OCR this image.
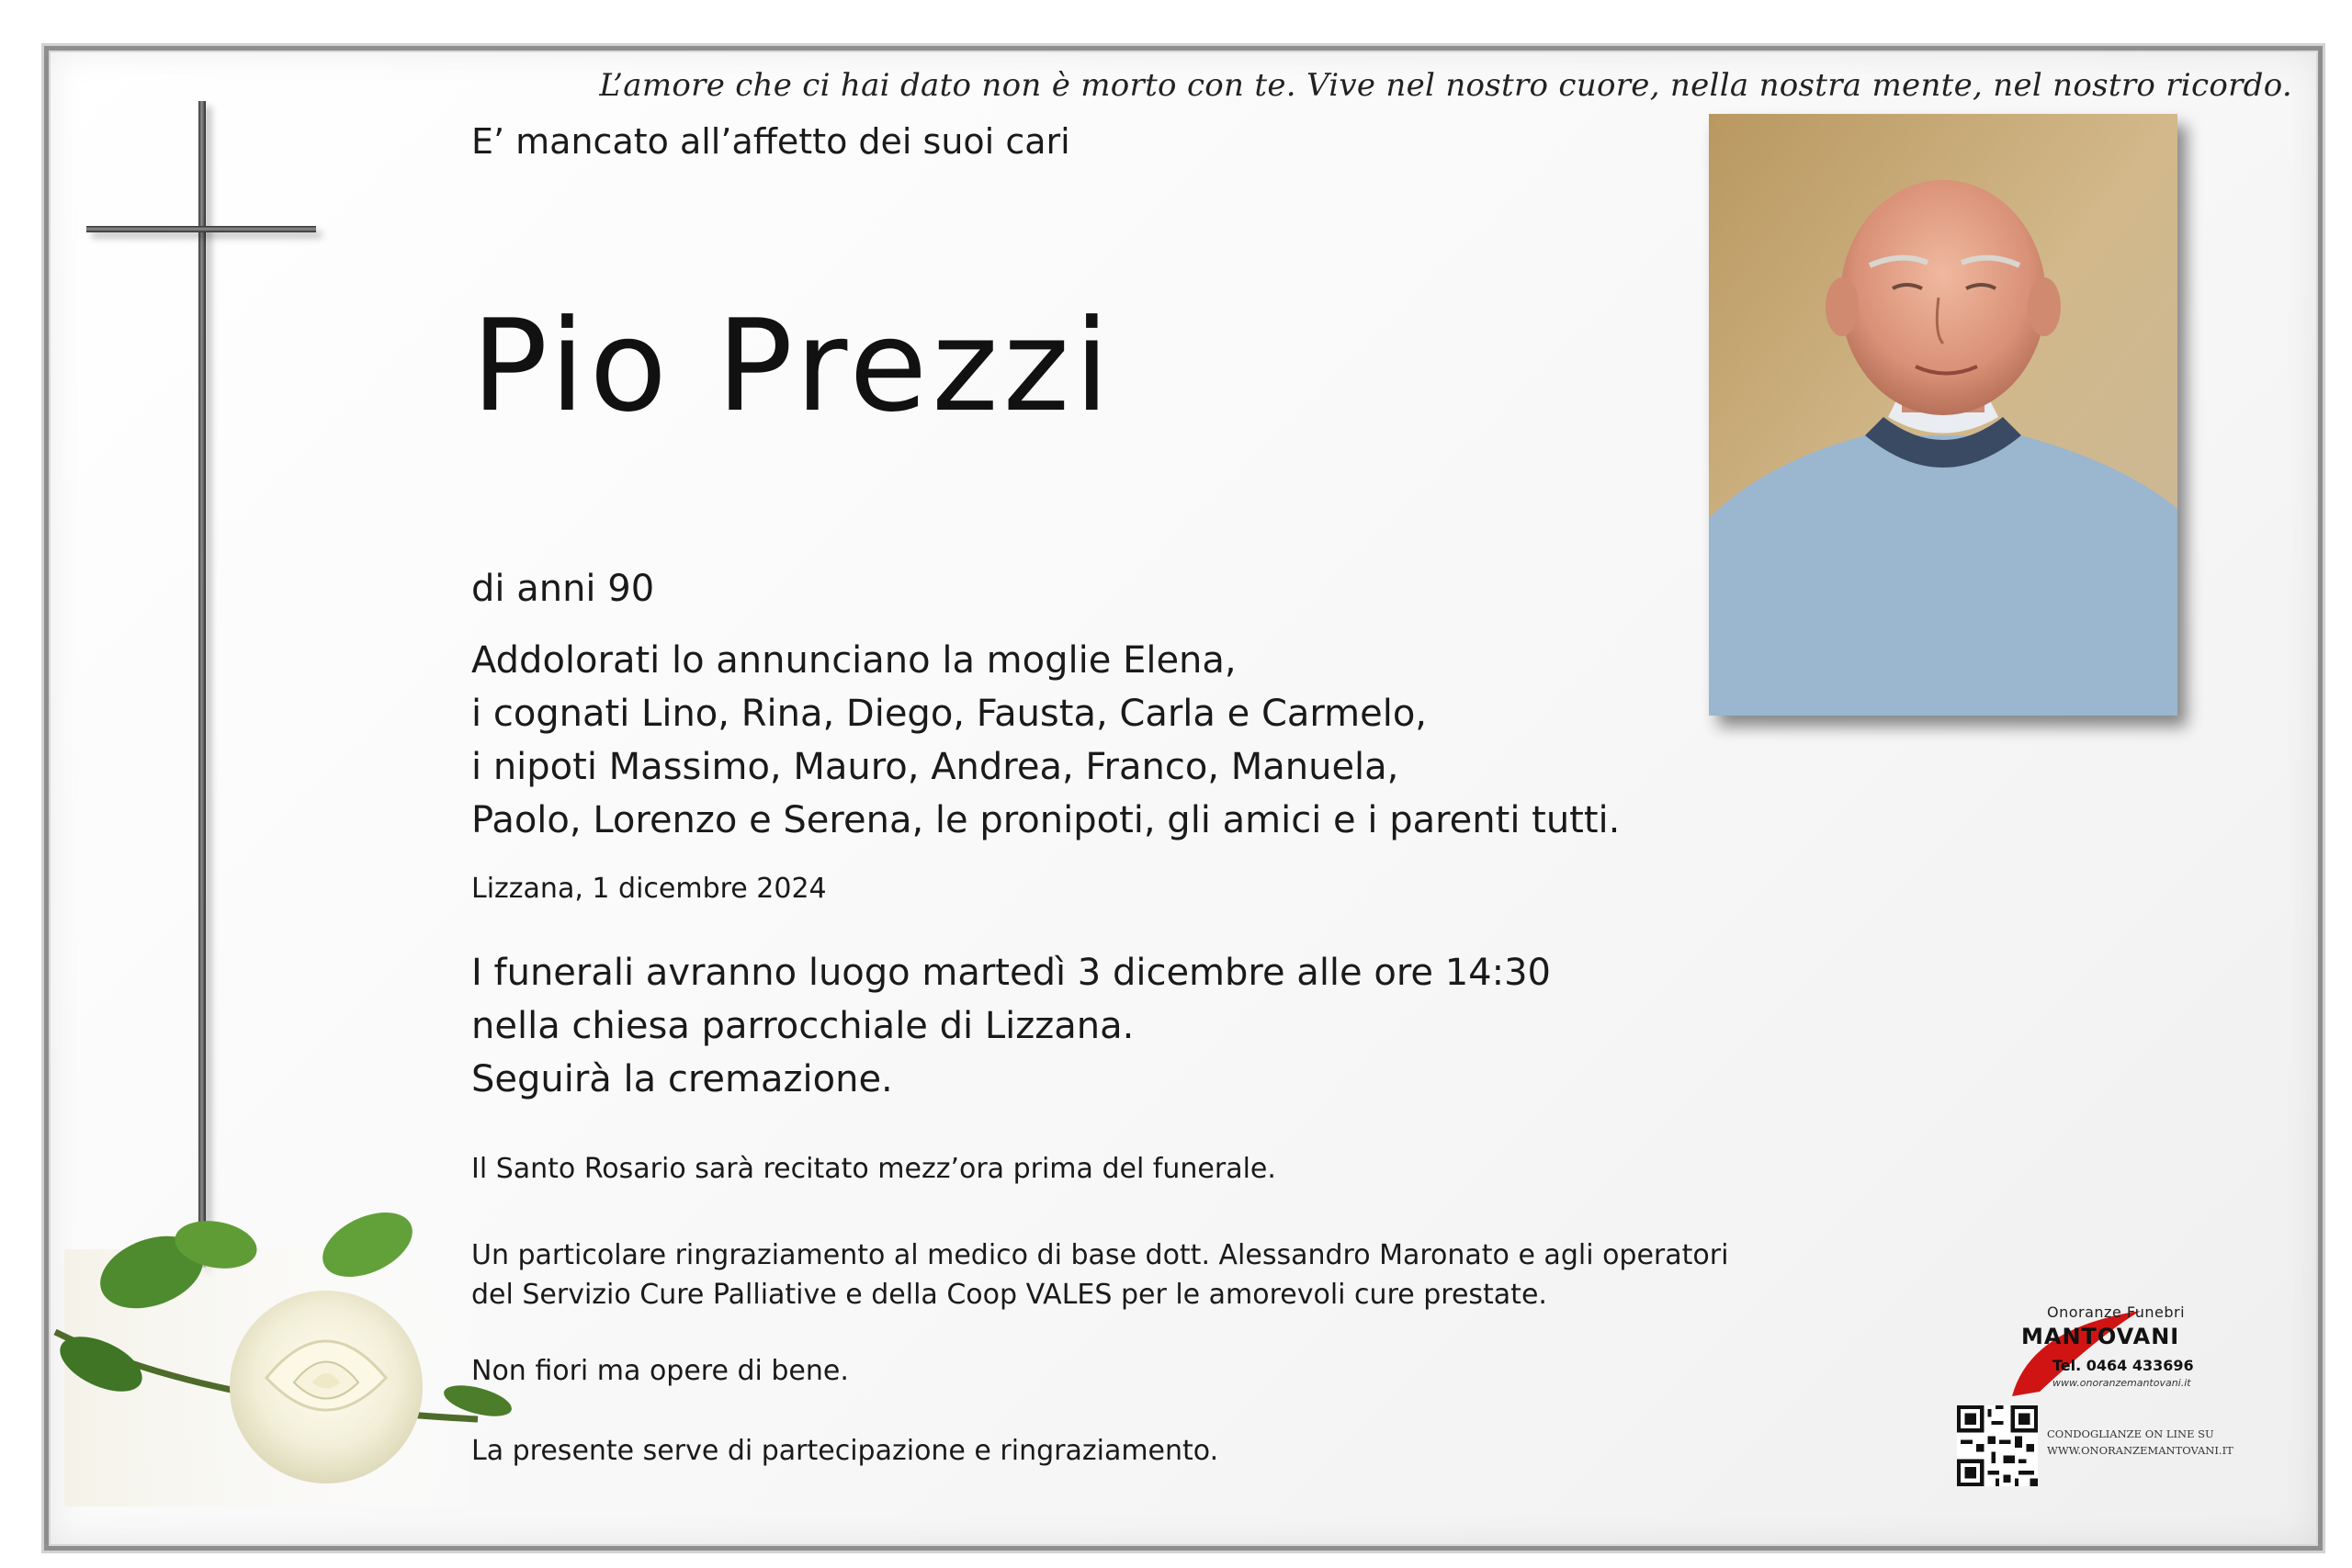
L’amore che ci hai dato non è morto con te. Vive nel nostro cuore, nella nostra mente, nel nostro ricordo.
E’ mancato all’affetto dei suoi cari
Pio Prezzi
di anni 90
Addolorati lo annunciano la moglie Elena,
i cognati Lino, Rina, Diego, Fausta, Carla e Carmelo,
i nipoti Massimo, Mauro, Andrea, Franco, Manuela,
Paolo, Lorenzo e Serena, le pronipoti, gli amici e i parenti tutti.
Lizzana, 1 dicembre 2024
I funerali avranno luogo martedì 3 dicembre alle ore 14:30
nella chiesa parrocchiale di Lizzana.
Seguirà la cremazione.
Il Santo Rosario sarà recitato mezz’ora prima del funerale.
Un particolare ringraziamento al medico di base dott. Alessandro Maronato e agli operatori
del Servizio Cure Palliative e della Coop VALES per le amorevoli cure prestate.
Non fiori ma opere di bene.
La presente serve di partecipazione e ringraziamento.
Onoranze Funebri
MANTOVANI
Tel. 0464 433696
www.onoranzemantovani.it
CONDOGLIANZE ON LINE SU
WWW.ONORANZEMANTOVANI.IT
